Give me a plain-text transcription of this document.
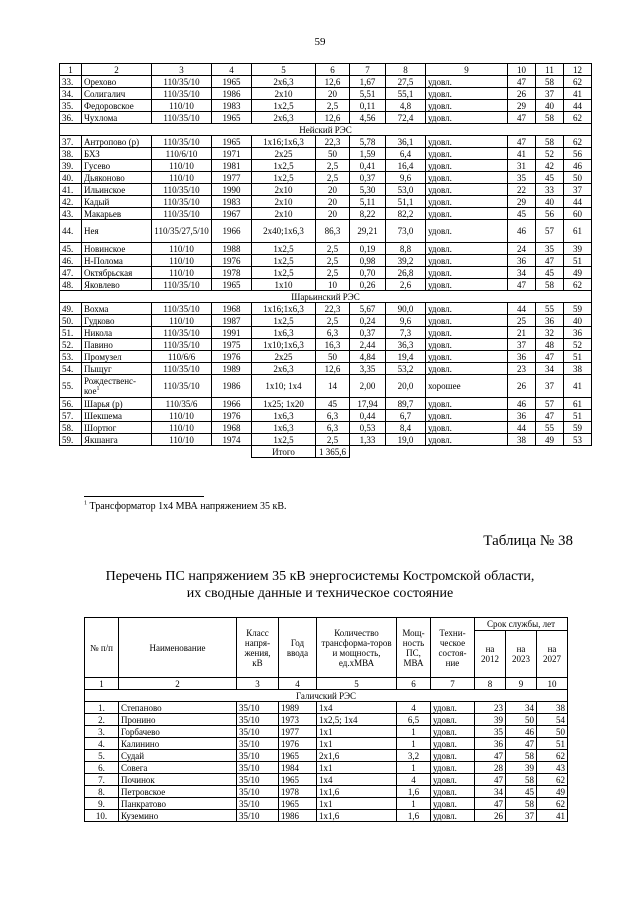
59
1	2	3	4	5	6	7	8	9	10	11	12
33.	Орехово	110/35/10	1965	2х6,3	12,6	1,67	27,5	удовл.	47	58	62
34.	Солигалич	110/35/10	1986	2х10	20	5,51	55,1	удовл.	26	37	41
35.	Федоровское	110/10	1983	1х2,5	2,5	0,11	4,8	удовл.	29	40	44
36.	Чухлома	110/35/10	1965	2х6,3	12,6	4,56	72,4	удовл.	47	58	62
Нейский РЭС											
37.	Антропово (р)	110/35/10	1965	1х16;1х6,3	22,3	5,78	36,1	удовл.	47	58	62
38.	БХЗ	110/6/10	1971	2х25	50	1,59	6,4	удовл.	41	52	56
39.	Гусево	110/10	1981	1х2,5	2,5	0,41	16,4	удовл.	31	42	46
40.	Дьяконово	110/10	1977	1х2,5	2,5	0,37	9,6	удовл.	35	45	50
41.	Ильинское	110/35/10	1990	2х10	20	5,30	53,0	удовл.	22	33	37
42.	Кадый	110/35/10	1983	2х10	20	5,11	51,1	удовл.	29	40	44
43.	Макарьев	110/35/10	1967	2х10	20	8,22	82,2	удовл.	45	56	60
44.	Нея	110/35/27,5/10	1966	2х40;1х6,3	86,3	29,21	73,0	удовл.	46	57	61
45.	Новинское	110/10	1988	1х2,5	2,5	0,19	8,8	удовл.	24	35	39
46.	Н-Полома	110/10	1976	1х2,5	2,5	0,98	39,2	удовл.	36	47	51
47.	Октябрьская	110/10	1978	1х2,5	2,5	0,70	26,8	удовл.	34	45	49
48.	Яковлево	110/35/10	1965	1х10	10	0,26	2,6	удовл.	47	58	62
Шарьинский РЭС											
49.	Вохма	110/35/10	1968	1х16;1х6,3	22,3	5,67	90,0	удовл.	44	55	59
50.	Гудково	110/10	1987	1х2,5	2,5	0,24	9,6	удовл.	25	36	40
51.	Никола	110/35/10	1991	1х6,3	6,3	0,37	7,3	удовл.	21	32	36
52.	Павино	110/35/10	1975	1х10;1х6,3	16,3	2,44	36,3	удовл.	37	48	52
53.	Промузел	110/6/6	1976	2х25	50	4,84	19,4	удовл.	36	47	51
54.	Пыщуг	110/35/10	1989	2х6,3	12,6	3,35	53,2	удовл.	23	34	38
55.	Рождественс-кое$^1$	110/35/10	1986	1х10; 1х4	14	2,00	20,0	хорошее	26	37	41
56.	Шарья (р)	110/35/6	1966	1х25; 1х20	45	17,94	89,7	удовл.	46	57	61
57.	Шекшема	110/10	1976	1х6,3	6,3	0,44	6,7	удовл.	36	47	51
58.	Шортюг	110/10	1968	1х6,3	6,3	0,53	8,4	удовл.	44	55	59
59.	Якшанга	110/10	1974	1х2,5	2,5	1,33	19,0	удовл.	38	49	53
				Итого	1 365,6						
$^1$ Трансформатор 1х4 МВА напряжением 35 кВ.
Таблица № 38
Перечень ПС напряжением 35 кВ энергосистемы Костромской области,
их сводные данные и техническое состояние
№ п/п	Наименование	Класс напря-жения, кВ	Год ввода	Количество трансформа-торов и мощность, ед.хМВА	Мощ-ность ПС, МВА	Техни-ческое состоя-ние	Срок службы, лет		
							на 2012	на 2023	на 2027
1	2	3	4	5	6	7	8	9	10
Галичский РЭС									
1.	Степаново	35/10	1989	1х4	4	удовл.	23	34	38
2.	Пронино	35/10	1973	1х2,5; 1х4	6,5	удовл.	39	50	54
3.	Горбачево	35/10	1977	1х1	1	удовл.	35	46	50
4.	Калинино	35/10	1976	1х1	1	удовл.	36	47	51
5.	Судай	35/10	1965	2х1,6	3,2	удовл.	47	58	62
6.	Совега	35/10	1984	1х1	1	удовл.	28	39	43
7.	Починок	35/10	1965	1х4	4	удовл.	47	58	62
8.	Петровское	35/10	1978	1х1,6	1,6	удовл.	34	45	49
9.	Панкратово	35/10	1965	1х1	1	удовл.	47	58	62
10.	Куземино	35/10	1986	1х1,6	1,6	удовл.	26	37	41
